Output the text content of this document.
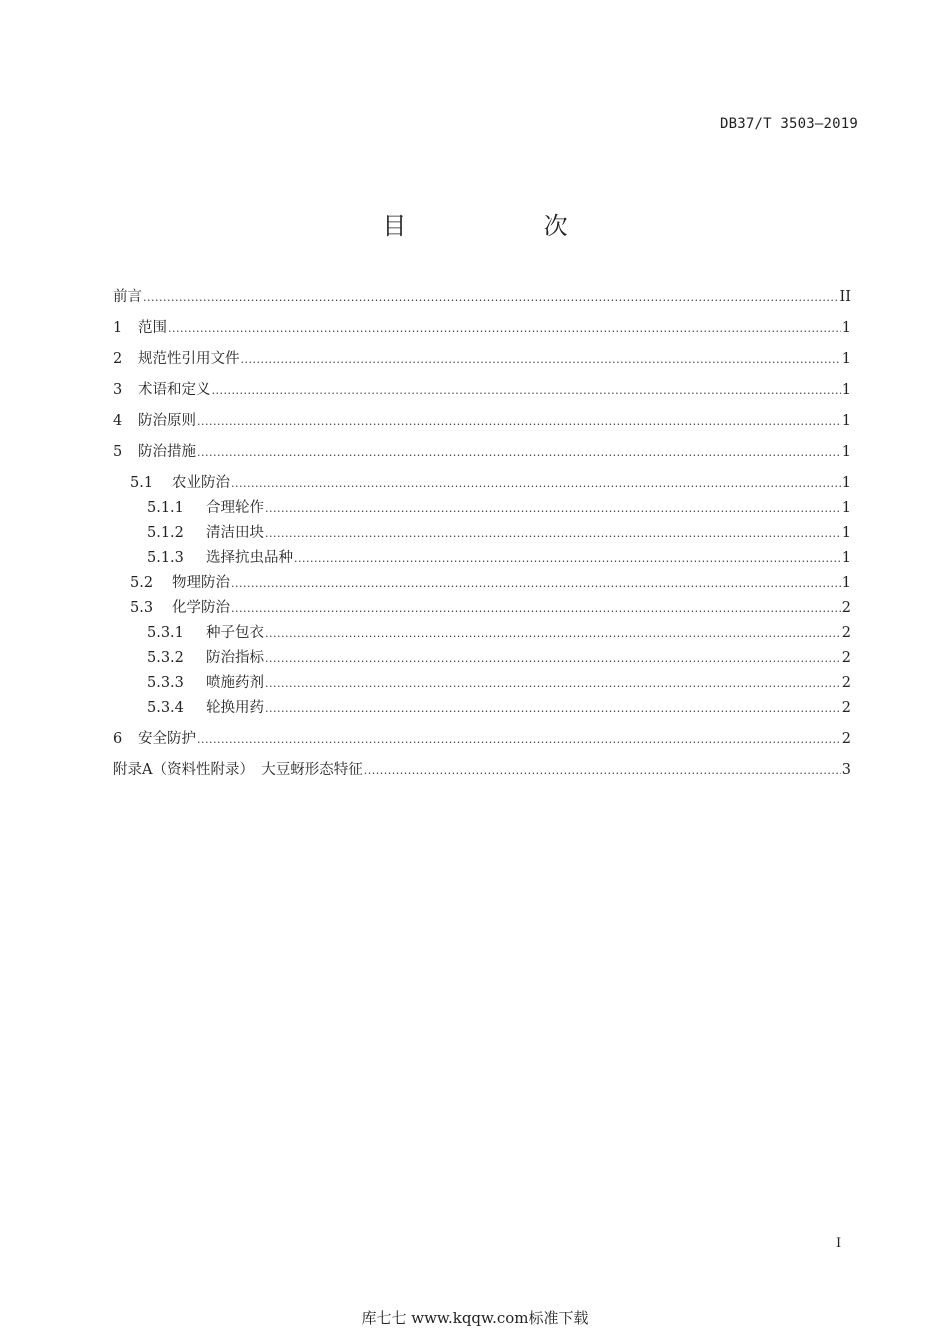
DB37/T 3503—2019
目	次
前言 .....	II
1	范围 .....	1
2	规范性引用文件 .....	1
3	术语和定义 .....	1
4	防治原则 .....	1
5	防治措施 .....	1
5.1	农业防治 .....	1
5.1.1	合理轮作 .....	1
5.1.2	清洁田块 .....	1
5.1.3	选择抗虫品种 .....	1
5.2	物理防治 .....	1
5.3	化学防治 .....	2
5.3.1	种子包衣 .....	2
5.3.2	防治指标 .....	2
5.3.3	喷施药剂 .....	2
5.3.4	轮换用药 .....	2
6	安全防护 .....	2
附录A（资料性附录）　大豆蚜形态特征 .....	3
I
库七七 www.kqqw.com标准下载
